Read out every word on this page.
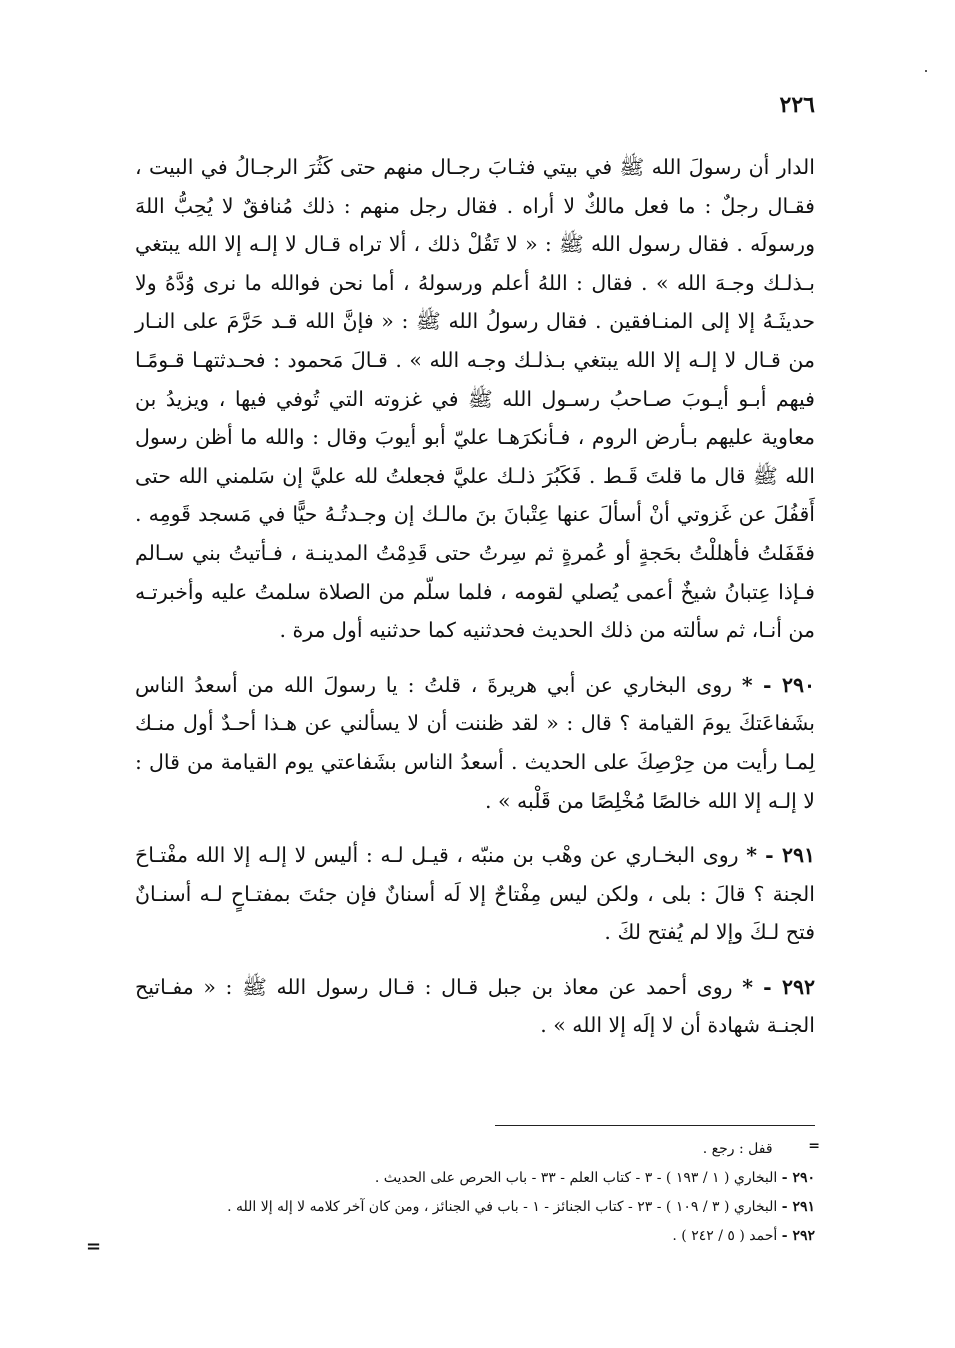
٢٢٦

الدار أن رسولَ الله ﷺ في بيتي فثـابَ رجـال منهم حتى كَثُرَ الرجـالُ في البيت ، فقـال رجلٌ : ما فعل مالكٌ لا أراه . فقال رجل منهم : ذلك مُنافقٌ لا يُحِبُّ اللهَ ورسولَه . فقال رسول الله ﷺ : « لا تَقُلْ ذلك ، ألا تراه قـال لا إلـه إلا الله يبتغي بـذلـك وجـهَ الله » . فقال : اللهُ أعلم ورسولهُ ، أما نحن فوالله ما نرى وُدَّهُ ولا حديثَـهُ إلا إلى المنـافقين . فقال رسولُ الله ﷺ : « فإنَّ الله قـد حَرَّمَ على النـار من قـال لا إلـه إلا الله يبتغي بـذلـك وجـه الله » . قـالَ مَحمود : فحـدثتهـا قـومًـا فيهم أبـو أيـوبَ صـاحبُ رسـول الله ﷺ في غزوته التي تُوفي فيها ، ويزيدُ بن معاوية عليهم بـأرض الروم ، فـأنكرَهـا عليّ أبو أيوبَ وقال : والله ما أظن رسول الله ﷺ قال ما قلتَ قَـط . فَكَبُرَ ذلـك عليَّ فجعلتُ لله عليَّ إن سَلمني الله حتى أَقفُلَ عن غَزوتي أنْ أسألَ عنها عِتْبانَ بنَ مالـك إن وجـدتُـهُ حيًّا في مَسجد قَومِه . فقَفَلتُ فأهللْتُ بحَجةٍ أو عُمرةٍ ثم سِرتُ حتى قَدِمْتُ المدينـة ، فـأتيتُ بني سـالم فـإذا عِتبانُ شيخٌ أعمى يُصلي لقومه ، فلما سلّم من الصلاة سلمتُ عليه وأخبرتـه من أنـا، ثم سألته من ذلك الحديث فحدثنيه كما حدثنيه أول مرة .

٢٩٠ - * روى البخاري عن أبي هريرةَ ، قلتُ : يا رسولَ الله من أسعدُ الناس بشَفاعَتكَ يومَ القيامة ؟ قال : « لقد ظننت أن لا يسألني عن هـذا أحـدٌ أول منـك لِمـا رأيت من حِرْصِكَ على الحديث . أسعدُ الناس بشَفاعتي يوم القيامة من قال : لا إلـه إلا الله خالصًا مُخْلِصًا من قَلْبه » .

٢٩١ - * روى البخـاري عن وهْب بن منبّه ، قيـل لـه : أليس لا إلـه إلا الله مفْتـاحَ الجنة ؟ قالَ : بلى ، ولكن ليس مِفْتاحٌ إلا لَه أسنانٌ فإن جئتَ بمفتـاحٍ لـه أسنـانٌ فتح لـكَ وإلا لم يُفتح لكَ .

٢٩٢ - * روى أحمد عن معاذ بن جبل قـال : قـال رسول الله ﷺ : « مفـاتيح الجنـة شهادة أن لا إلَه إلا الله » .

=

قفل : رجع .

٢٩٠ - البخاري ( ١ / ١٩٣ ) - ٣ - كتاب العلم - ٣٣ - باب الحرص على الحديث .

٢٩١ - البخاري ( ٣ / ١٠٩ ) - ٢٣ - كتاب الجنائز - ١ - باب في الجنائز ، ومن كان آخر كلامه لا إله إلا الله .

٢٩٢ - أحمد ( ٥ / ٢٤٢ ) .

=
